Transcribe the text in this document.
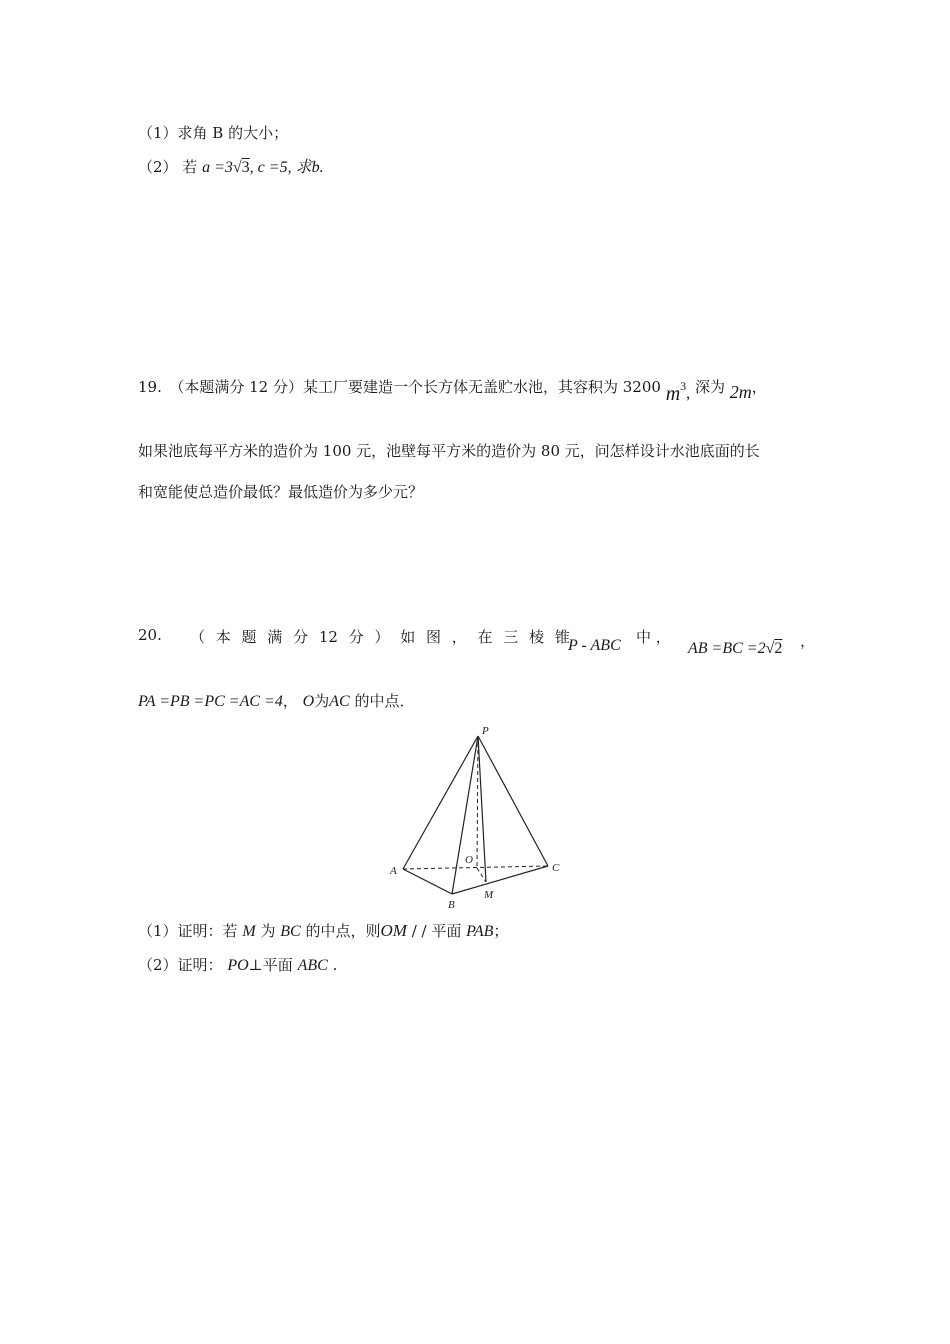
（1）求角 B 的大小；
（2） 若 a =3√3, c =5, 求b.
19.　（本题满分 12 分）某工厂要建造一个长方体无盖贮水池，其容积为 3200 m3, 深为 2m，
如果池底每平方米的造价为 100 元，池壁每平方米的造价为 80 元，问怎样设计水池底面的长
和宽能使总造价最低？最低造价为多少元？
20. （ 本 题 满 分 12 分 ） 如 图 ， 在 三 棱 锥
P - ABC 中 ，
AB =BC =2√2 ，
PA =PB =PC =AC =4， O为AC 的中点．
P
A
B
C
O
M
（1）证明：若 M 为 BC 的中点，则OM / / 平面 PAB；
（2）证明： PO⊥平面 ABC .
